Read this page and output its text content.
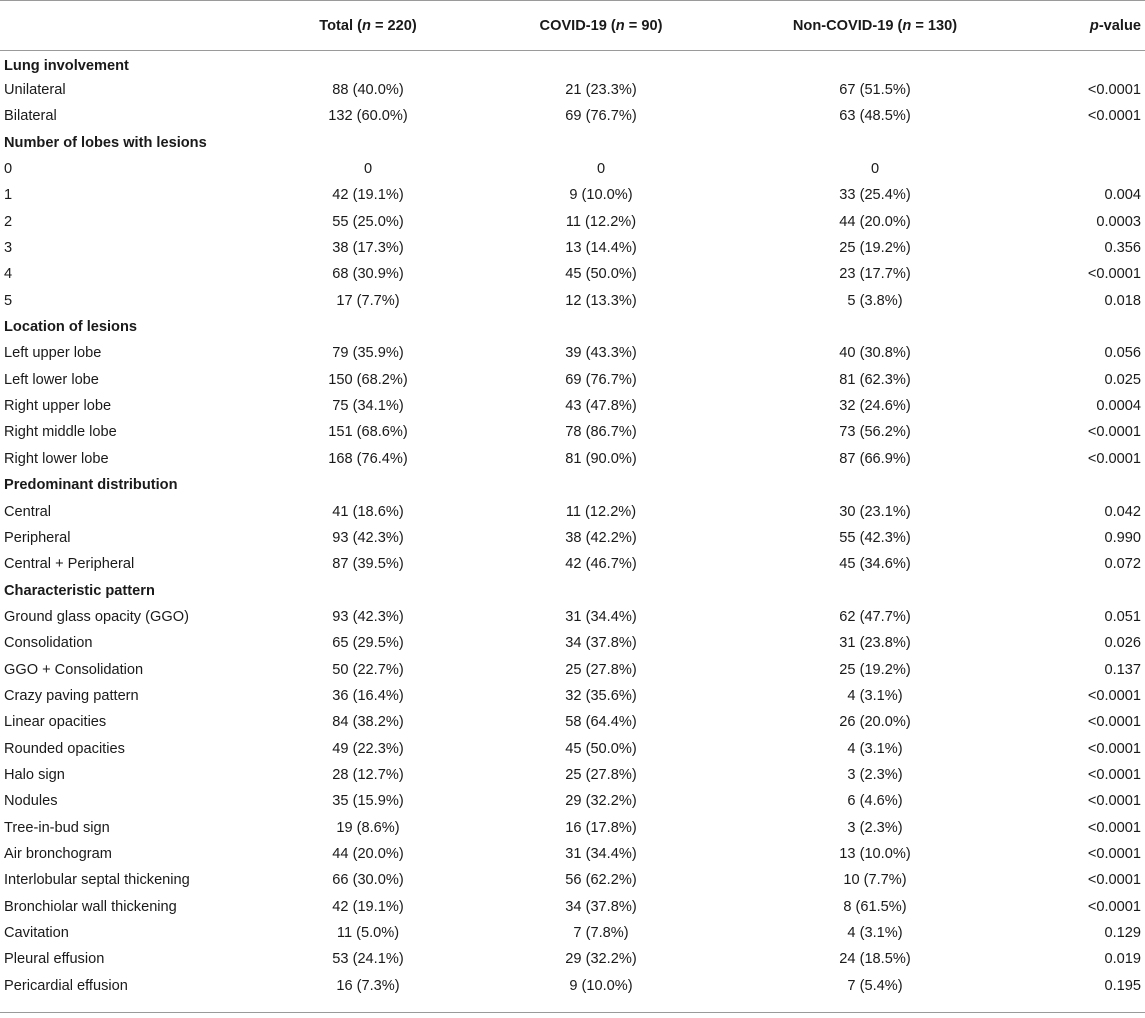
	Total (n = 220)	COVID-19 (n = 90)	Non-COVID-19 (n = 130)	p-value
Lung involvement				
Unilateral	88 (40.0%)	21 (23.3%)	67 (51.5%)	<0.0001
Bilateral	132 (60.0%)	69 (76.7%)	63 (48.5%)	<0.0001
Number of lobes with lesions				
0	0	0	0	
1	42 (19.1%)	9 (10.0%)	33 (25.4%)	0.004
2	55 (25.0%)	11 (12.2%)	44 (20.0%)	0.0003
3	38 (17.3%)	13 (14.4%)	25 (19.2%)	0.356
4	68 (30.9%)	45 (50.0%)	23 (17.7%)	<0.0001
5	17 (7.7%)	12 (13.3%)	5 (3.8%)	0.018
Location of lesions				
Left upper lobe	79 (35.9%)	39 (43.3%)	40 (30.8%)	0.056
Left lower lobe	150 (68.2%)	69 (76.7%)	81 (62.3%)	0.025
Right upper lobe	75 (34.1%)	43 (47.8%)	32 (24.6%)	0.0004
Right middle lobe	151 (68.6%)	78 (86.7%)	73 (56.2%)	<0.0001
Right lower lobe	168 (76.4%)	81 (90.0%)	87 (66.9%)	<0.0001
Predominant distribution				
Central	41 (18.6%)	11 (12.2%)	30 (23.1%)	0.042
Peripheral	93 (42.3%)	38 (42.2%)	55 (42.3%)	0.990
Central + Peripheral	87 (39.5%)	42 (46.7%)	45 (34.6%)	0.072
Characteristic pattern				
Ground glass opacity (GGO)	93 (42.3%)	31 (34.4%)	62 (47.7%)	0.051
Consolidation	65 (29.5%)	34 (37.8%)	31 (23.8%)	0.026
GGO + Consolidation	50 (22.7%)	25 (27.8%)	25 (19.2%)	0.137
Crazy paving pattern	36 (16.4%)	32 (35.6%)	4 (3.1%)	<0.0001
Linear opacities	84 (38.2%)	58 (64.4%)	26 (20.0%)	<0.0001
Rounded opacities	49 (22.3%)	45 (50.0%)	4 (3.1%)	<0.0001
Halo sign	28 (12.7%)	25 (27.8%)	3 (2.3%)	<0.0001
Nodules	35 (15.9%)	29 (32.2%)	6 (4.6%)	<0.0001
Tree-in-bud sign	19 (8.6%)	16 (17.8%)	3 (2.3%)	<0.0001
Air bronchogram	44 (20.0%)	31 (34.4%)	13 (10.0%)	<0.0001
Interlobular septal thickening	66 (30.0%)	56 (62.2%)	10 (7.7%)	<0.0001
Bronchiolar wall thickening	42 (19.1%)	34 (37.8%)	8 (61.5%)	<0.0001
Cavitation	11 (5.0%)	7 (7.8%)	4 (3.1%)	0.129
Pleural effusion	53 (24.1%)	29 (32.2%)	24 (18.5%)	0.019
Pericardial effusion	16 (7.3%)	9 (10.0%)	7 (5.4%)	0.195
